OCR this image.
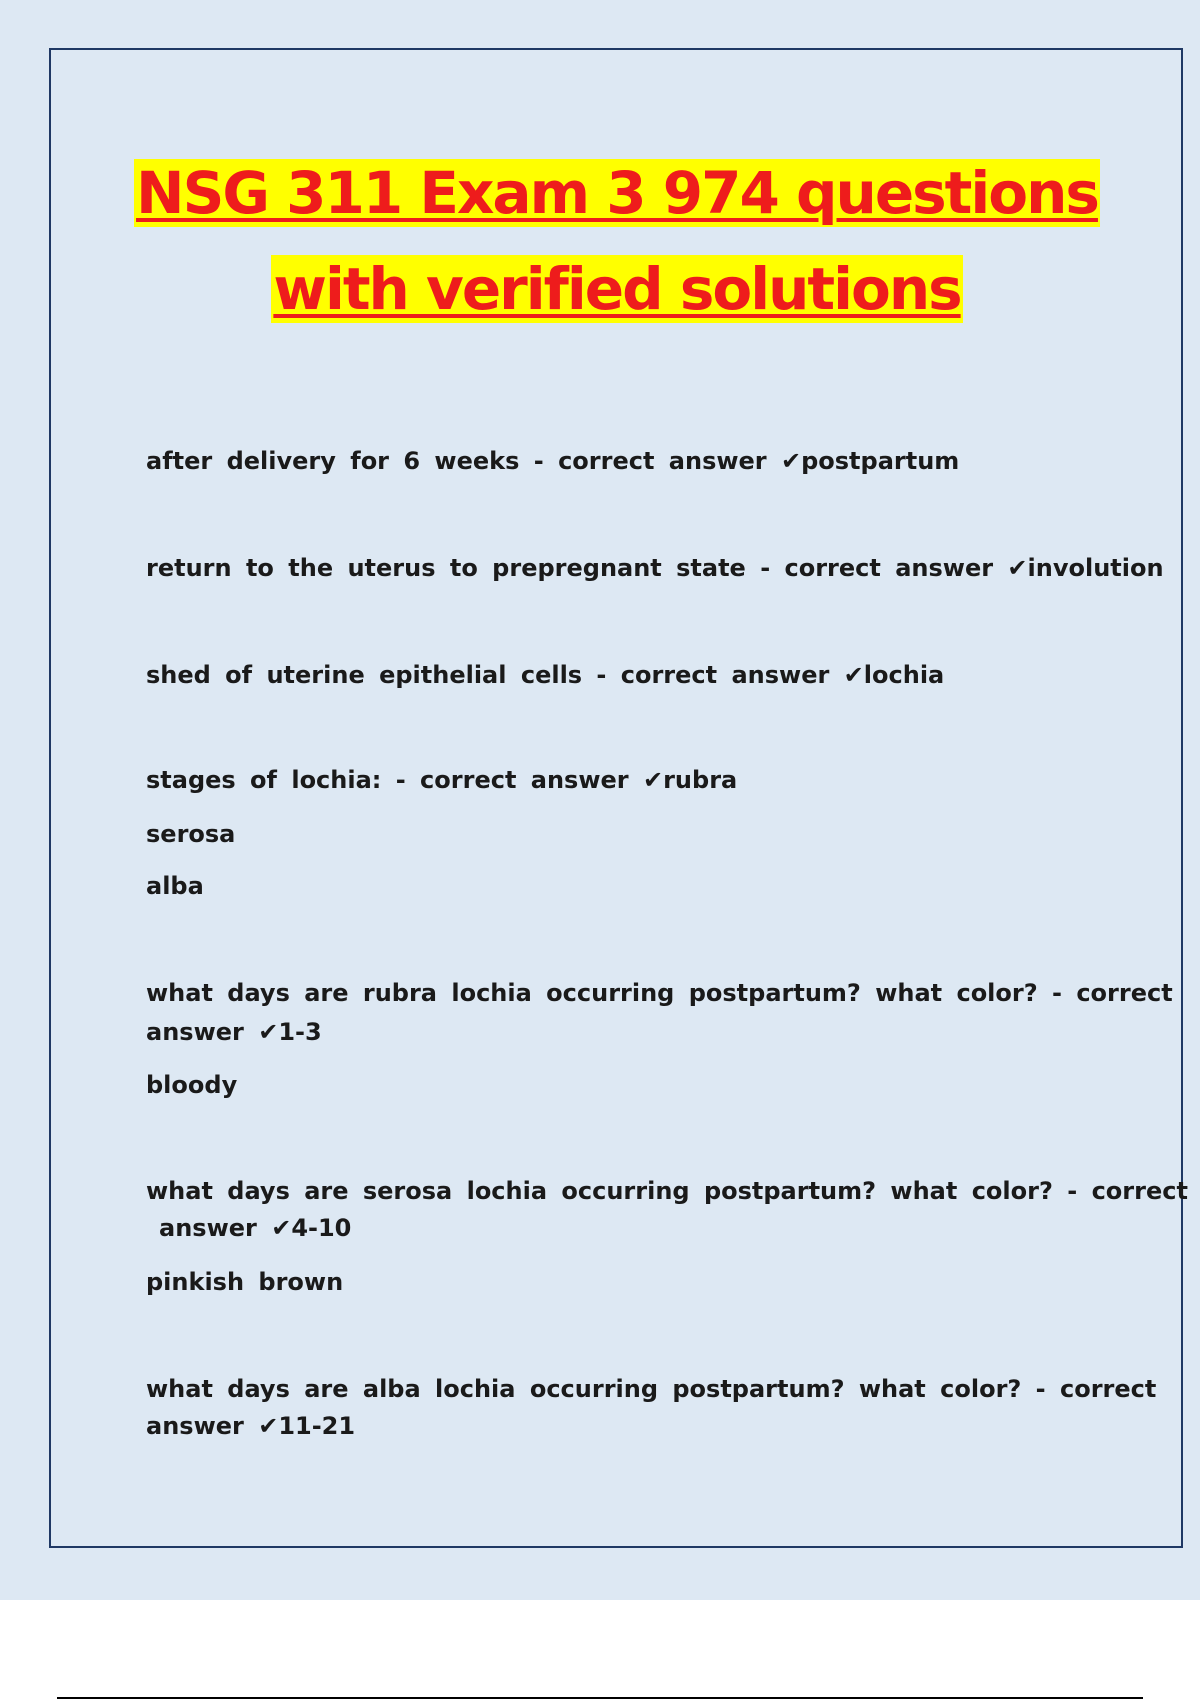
NSG 311 Exam 3 974 questions
with verified solutions
after delivery for 6 weeks - correct answer ✔postpartum
return to the uterus to prepregnant state - correct answer ✔involution
shed of uterine epithelial cells - correct answer ✔lochia
stages of lochia: - correct answer ✔rubra
serosa
alba
what days are rubra lochia occurring postpartum? what color? - correct
answer ✔1-3
bloody
what days are serosa lochia occurring postpartum? what color? - correct
answer ✔4-10
pinkish brown
what days are alba lochia occurring postpartum? what color? - correct
answer ✔11-21
